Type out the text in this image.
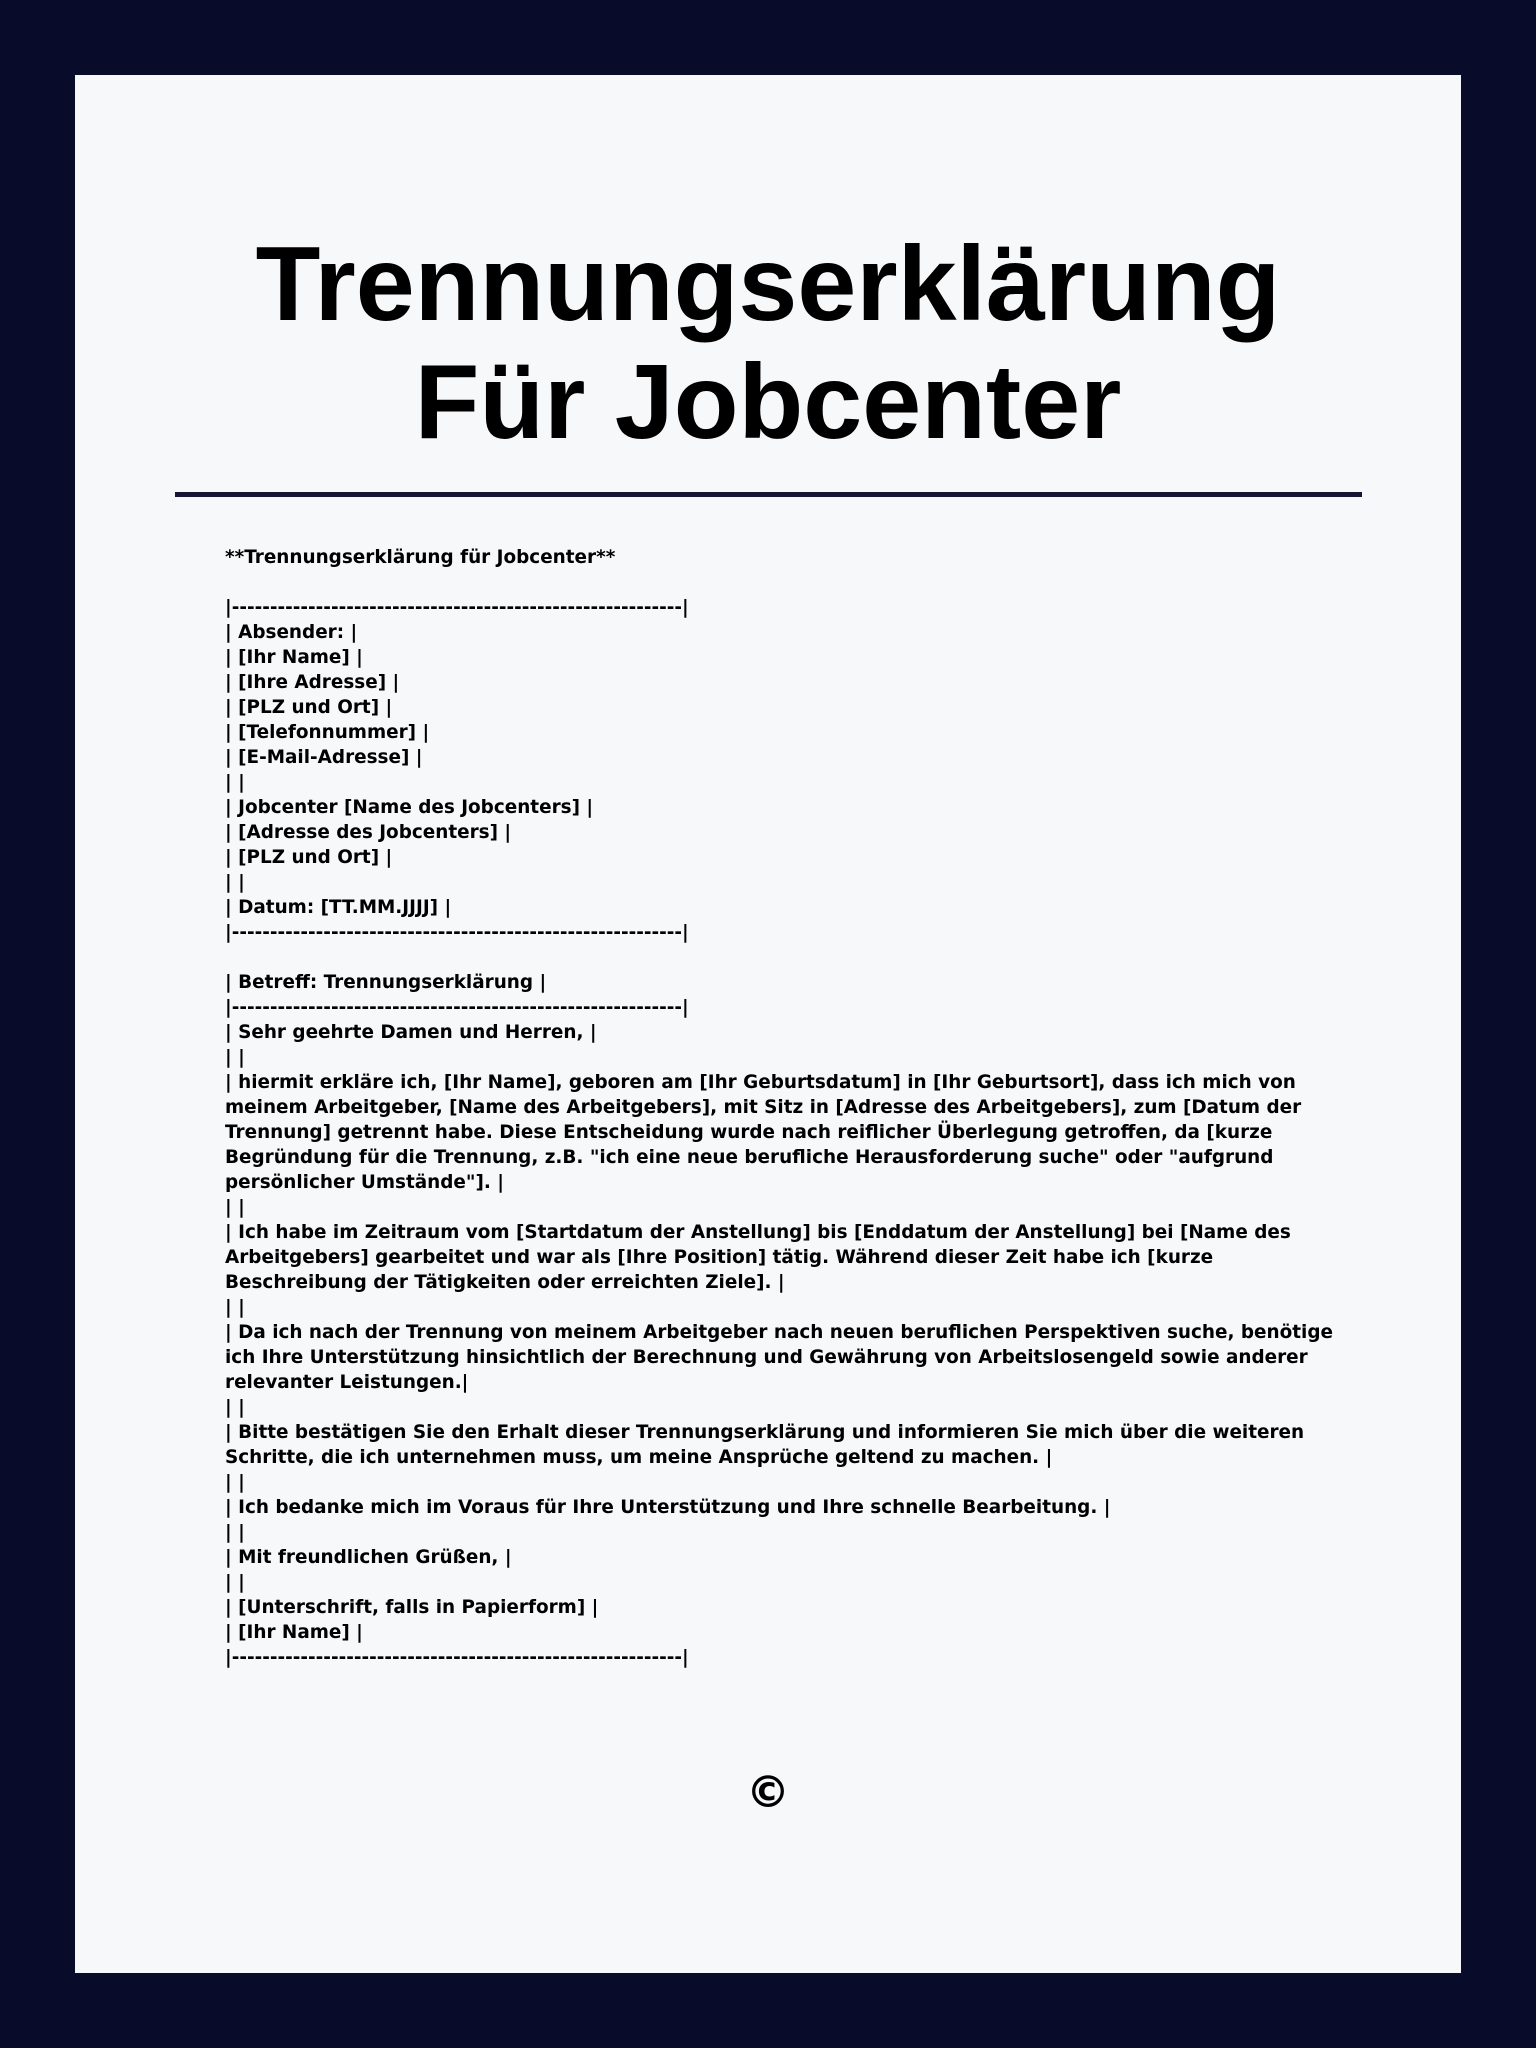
Trennungserklärung
Für Jobcenter
**Trennungserklärung für Jobcenter**
|-----------------------------------------------------------|
| Absender: |
| [Ihr Name] |
| [Ihre Adresse] |
| [PLZ und Ort] |
| [Telefonnummer] |
| [E-Mail-Adresse] |
| |
| Jobcenter [Name des Jobcenters] |
| [Adresse des Jobcenters] |
| [PLZ und Ort] |
| |
| Datum: [TT.MM.JJJJ] |
|-----------------------------------------------------------|
| Betreff: Trennungserklärung |
|-----------------------------------------------------------|
| Sehr geehrte Damen und Herren, |
| |
| hiermit erkläre ich, [Ihr Name], geboren am [Ihr Geburtsdatum] in [Ihr Geburtsort], dass ich mich von meinem Arbeitgeber, [Name des Arbeitgebers], mit Sitz in [Adresse des Arbeitgebers], zum [Datum der Trennung] getrennt habe. Diese Entscheidung wurde nach reiflicher Überlegung getroffen, da [kurze Begründung für die Trennung, z.B. "ich eine neue berufliche Herausforderung suche" oder "aufgrund persönlicher Umstände"]. |
| |
| Ich habe im Zeitraum vom [Startdatum der Anstellung] bis [Enddatum der Anstellung] bei [Name des Arbeitgebers] gearbeitet und war als [Ihre Position] tätig. Während dieser Zeit habe ich [kurze Beschreibung der Tätigkeiten oder erreichten Ziele]. |
| |
| Da ich nach der Trennung von meinem Arbeitgeber nach neuen beruflichen Perspektiven suche, benötige ich Ihre Unterstützung hinsichtlich der Berechnung und Gewährung von Arbeitslosengeld sowie anderer relevanter Leistungen.|
| |
| Bitte bestätigen Sie den Erhalt dieser Trennungserklärung und informieren Sie mich über die weiteren Schritte, die ich unternehmen muss, um meine Ansprüche geltend zu machen. |
| |
| Ich bedanke mich im Voraus für Ihre Unterstützung und Ihre schnelle Bearbeitung. |
| |
| Mit freundlichen Grüßen, |
| |
| [Unterschrift, falls in Papierform] |
| [Ihr Name] |
|-----------------------------------------------------------|
©
